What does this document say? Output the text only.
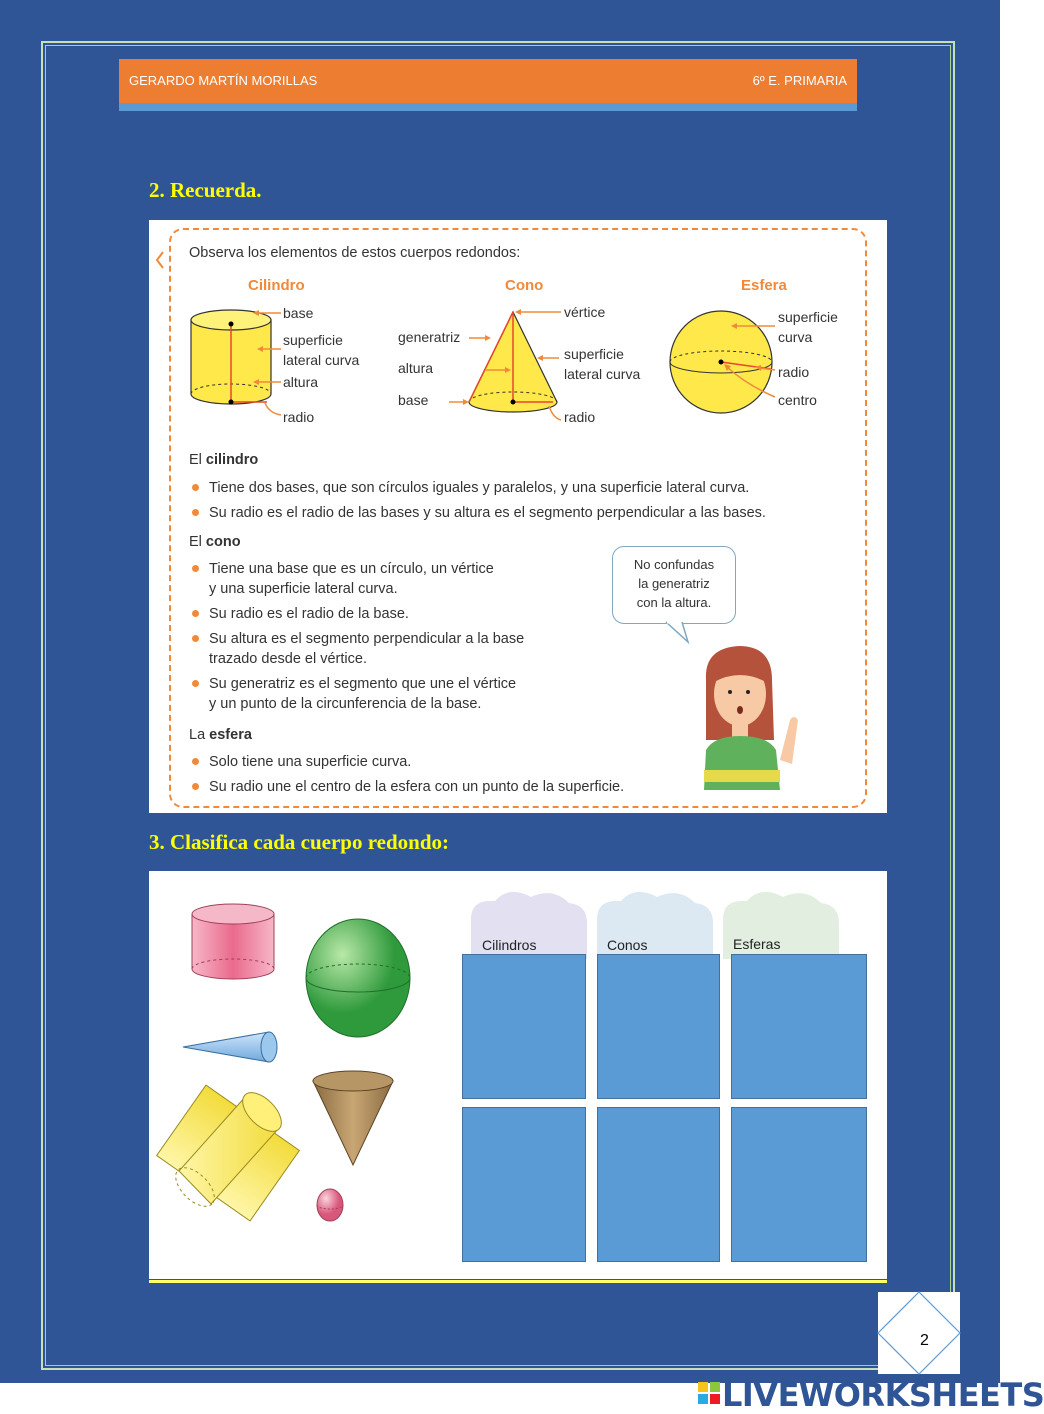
GERARDO MARTÍN MORILLAS	6º E. PRIMARIA
2. Recuerda.
Observa los elementos de estos cuerpos redondos:
Cilindro
base
superficie
lateral curva
altura
radio
Cono
vértice
generatriz
superficie
lateral curva
altura
base
radio
Esfera
superficie
curva
radio
centro
El cilindro
Tiene dos bases, que son círculos iguales y paralelos, y una superficie lateral curva.
Su radio es el radio de las bases y su altura es el segmento perpendicular a las bases.
El cono
Tiene una base que es un círculo, un vértice
y una superficie lateral curva.
Su radio es el radio de la base.
Su altura es el segmento perpendicular a la base
trazado desde el vértice.
Su generatriz es el segmento que une el vértice
y un punto de la circunferencia de la base.
La esfera
Solo tiene una superficie curva.
Su radio une el centro de la esfera con un punto de la superficie.
No confundas
la generatriz
con la altura.
3. Clasifica cada cuerpo redondo:
Cilindros	Conos	Esferas
2
LIVEWORKSHEETS
